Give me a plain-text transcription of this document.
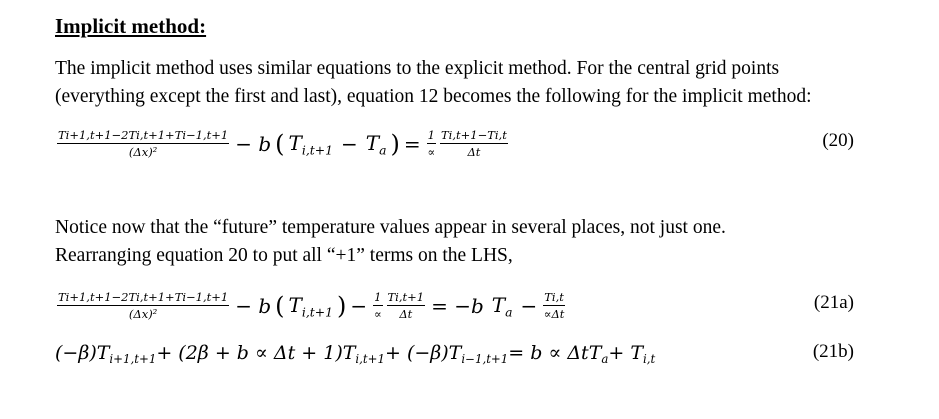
Implicit method:
The implicit method uses similar equations to the explicit method. For the central grid points
(everything except the first and last), equation 12 becomes the following for the implicit method:
$\frac{Ti+1,t+1-2Ti,t+1+Ti-1,t+1}{\text{(Δx)²}} - b$ ( $T_{i,t+1} - T_a$ ) = $\frac{1}{\propto} \frac{Ti,t+1-Ti,t}{\Delta t}$	(20)
Notice now that the “future” temperature values appear in several places, not just one.
Rearranging equation 20 to put all “+1” terms on the LHS,
$\frac{Ti+1,t+1-2Ti,t+1+Ti-1,t+1}{\text{(Δx)²}} - b$ ( $T_{i,t+1}$ ) − $\frac{1}{\propto} \frac{Ti,t+1}{\Delta t} = -b$ $T_a - \frac{Ti,t}{\propto\Delta t}$	(21a)
$(-\beta)T_{i+1,t+1} + (2\beta + b \propto \Delta t + 1)T_{i,t+1} + (-\beta)T_{i-1,t+1} = b \propto \Delta tT_a + T_{i,t}$	(21b)
